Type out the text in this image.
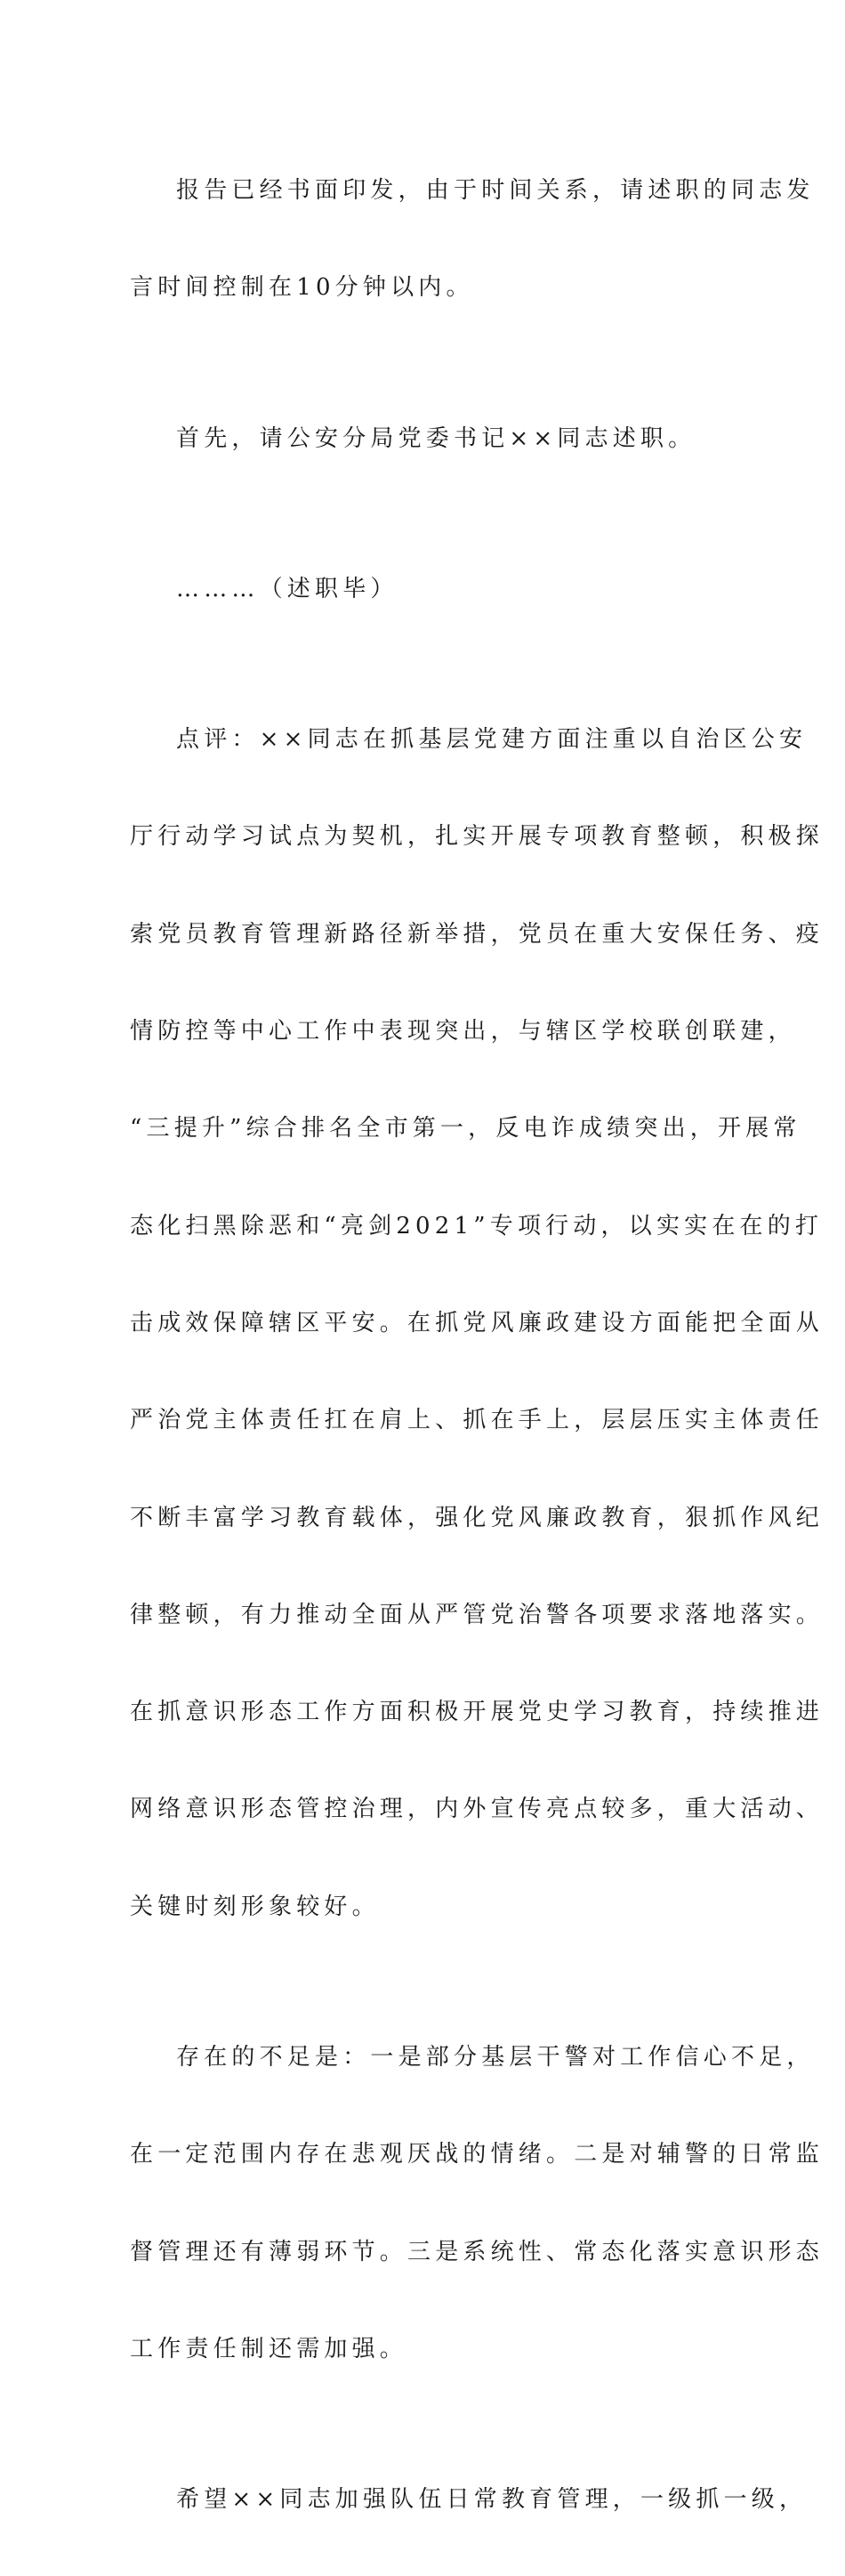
报告已经书面印发，由于时间关系，请述职的同志发

言时间控制在10分钟以内。

首先，请公安分局党委书记××同志述职。

………（述职毕）

点评：××同志在抓基层党建方面注重以自治区公安

厅行动学习试点为契机，扎实开展专项教育整顿，积极探

索党员教育管理新路径新举措，党员在重大安保任务、疫

情防控等中心工作中表现突出，与辖区学校联创联建，

“三提升”综合排名全市第一，反电诈成绩突出，开展常

态化扫黑除恶和“亮剑2021”专项行动，以实实在在的打

击成效保障辖区平安。在抓党风廉政建设方面能把全面从

严治党主体责任扛在肩上、抓在手上，层层压实主体责任

不断丰富学习教育载体，强化党风廉政教育，狠抓作风纪

律整顿，有力推动全面从严管党治警各项要求落地落实。

在抓意识形态工作方面积极开展党史学习教育，持续推进

网络意识形态管控治理，内外宣传亮点较多，重大活动、

关键时刻形象较好。

存在的不足是：一是部分基层干警对工作信心不足，

在一定范围内存在悲观厌战的情绪。二是对辅警的日常监

督管理还有薄弱环节。三是系统性、常态化落实意识形态

工作责任制还需加强。

希望××同志加强队伍日常教育管理，一级抓一级，
